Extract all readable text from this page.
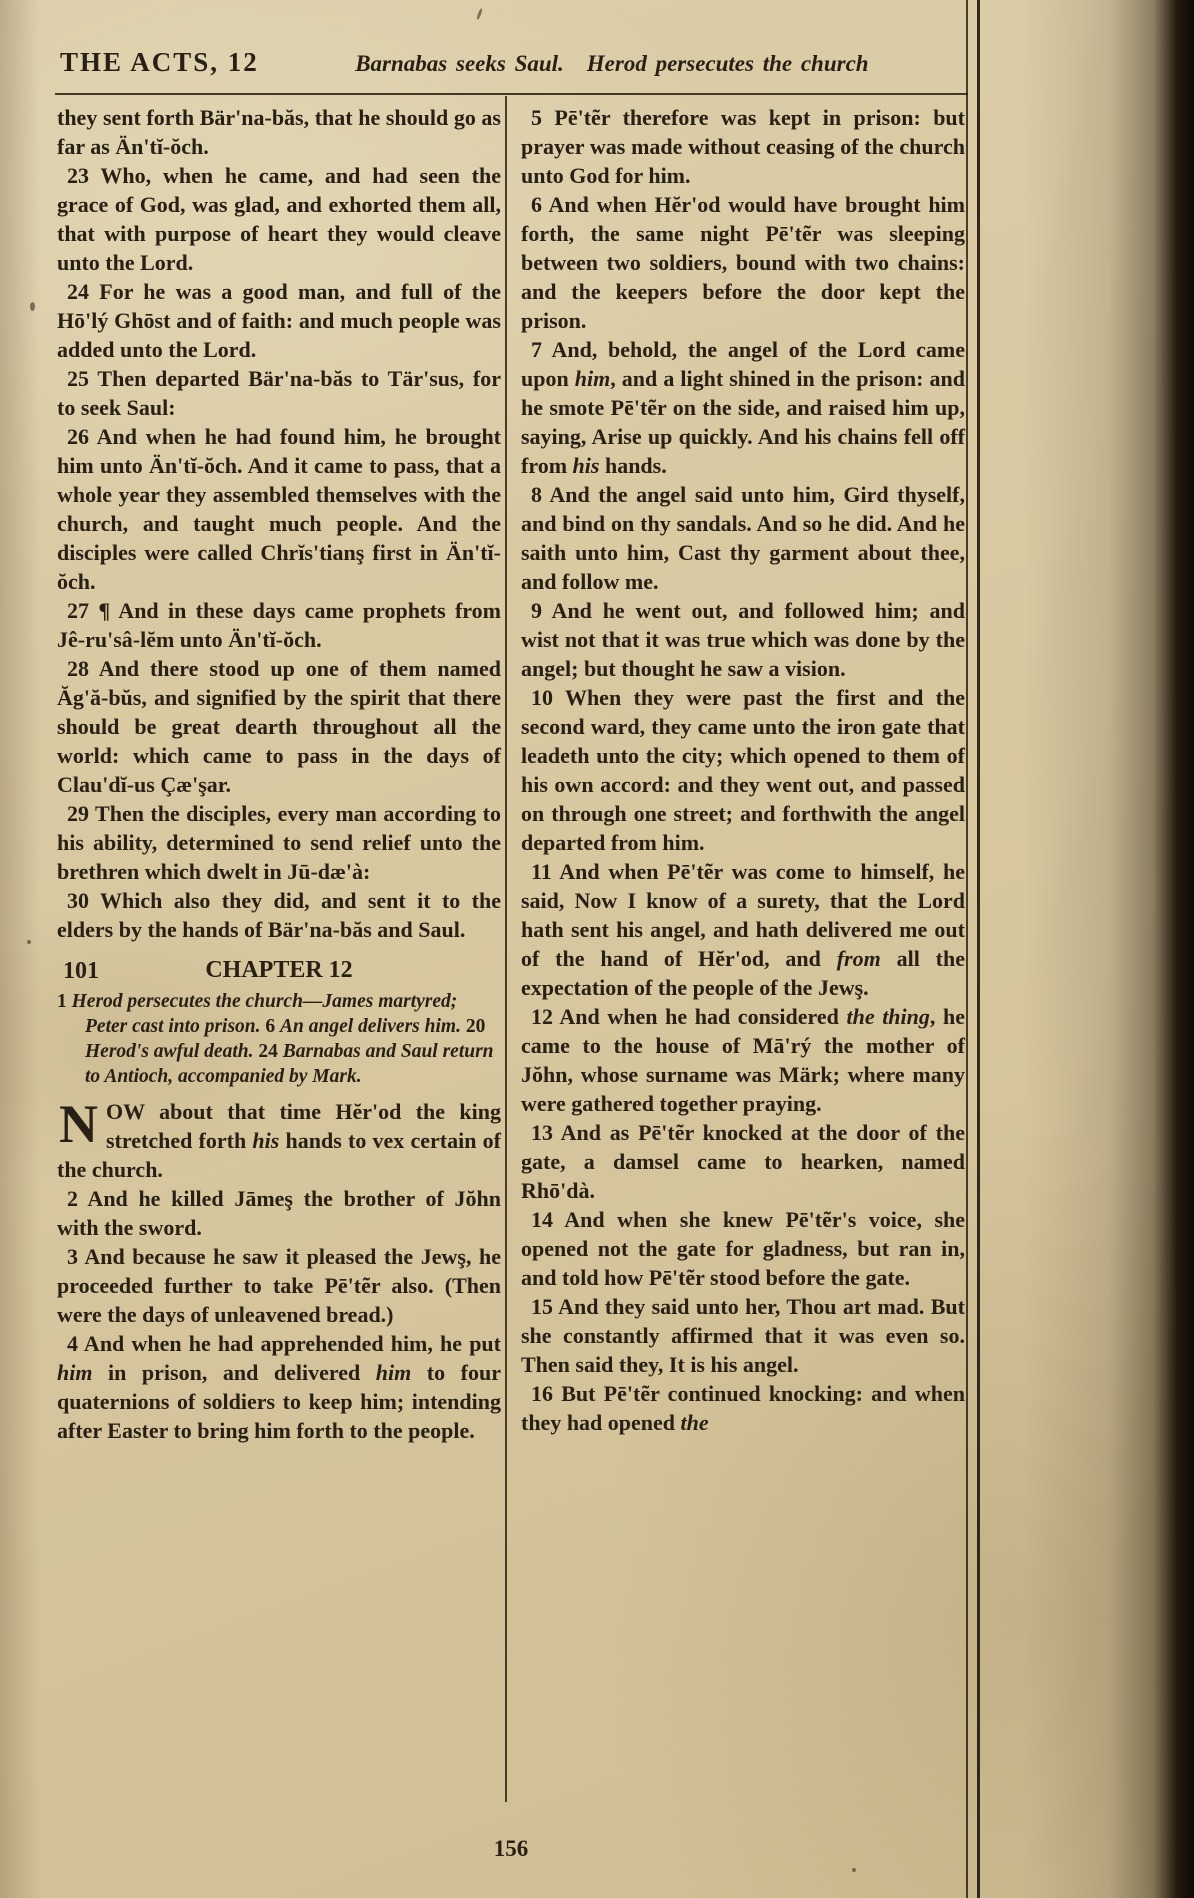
THE ACTS, 12	Barnabas seeks Saul. Herod persecutes the church

they sent forth Bär'na-băs, that he should go as far as Än'tĭ-ŏch.

23 Who, when he came, and had seen the grace of God, was glad, and exhorted them all, that with purpose of heart they would cleave unto the Lord.

24 For he was a good man, and full of the Hō'lý Ghōst and of faith: and much people was added unto the Lord.

25 Then departed Bär'na-băs to Tär'sus, for to seek Saul:

26 And when he had found him, he brought him unto Än'tĭ-ŏch. And it came to pass, that a whole year they assembled themselves with the church, and taught much people. And the disciples were called Chrĭs'tianş first in Än'tĭ-ŏch.

27 ¶ And in these days came prophets from Jê-ru'sâ-lĕm unto Än'tĭ-ŏch.

28 And there stood up one of them named Ăg'ă-bŭs, and signified by the spirit that there should be great dearth throughout all the world: which came to pass in the days of Clau'dĭ-us Çæ'şar.

29 Then the disciples, every man according to his ability, determined to send relief unto the brethren which dwelt in Jū-dæ'à:

30 Which also they did, and sent it to the elders by the hands of Bär'na-băs and Saul.

101	CHAPTER 12

1 Herod persecutes the church—James martyred; Peter cast into prison. 6 An angel delivers him. 20 Herod's awful death. 24 Barnabas and Saul return to Antioch, accompanied by Mark.

NOW about that time Hĕr'od the king stretched forth his hands to vex certain of the church.

2 And he killed Jāmeş the brother of Jŏhn with the sword.

3 And because he saw it pleased the Jewş, he proceeded further to take Pē'tẽr also. (Then were the days of unleavened bread.)

4 And when he had apprehended him, he put him in prison, and delivered him to four quaternions of soldiers to keep him; intending after Easter to bring him forth to the people.

5 Pē'tẽr therefore was kept in prison: but prayer was made without ceasing of the church unto God for him.

6 And when Hĕr'od would have brought him forth, the same night Pē'tẽr was sleeping between two soldiers, bound with two chains: and the keepers before the door kept the prison.

7 And, behold, the angel of the Lord came upon him, and a light shined in the prison: and he smote Pē'tẽr on the side, and raised him up, saying, Arise up quickly. And his chains fell off from his hands.

8 And the angel said unto him, Gird thyself, and bind on thy sandals. And so he did. And he saith unto him, Cast thy garment about thee, and follow me.

9 And he went out, and followed him; and wist not that it was true which was done by the angel; but thought he saw a vision.

10 When they were past the first and the second ward, they came unto the iron gate that leadeth unto the city; which opened to them of his own accord: and they went out, and passed on through one street; and forthwith the angel departed from him.

11 And when Pē'tẽr was come to himself, he said, Now I know of a surety, that the Lord hath sent his angel, and hath delivered me out of the hand of Hĕr'od, and from all the expectation of the people of the Jewş.

12 And when he had considered the thing, he came to the house of Mā'rý the mother of Jŏhn, whose surname was Märk; where many were gathered together praying.

13 And as Pē'tẽr knocked at the door of the gate, a damsel came to hearken, named Rhō'dà.

14 And when she knew Pē'tẽr's voice, she opened not the gate for gladness, but ran in, and told how Pē'tẽr stood before the gate.

15 And they said unto her, Thou art mad. But she constantly affirmed that it was even so. Then said they, It is his angel.

16 But Pē'tẽr continued knocking: and when they had opened the

156
